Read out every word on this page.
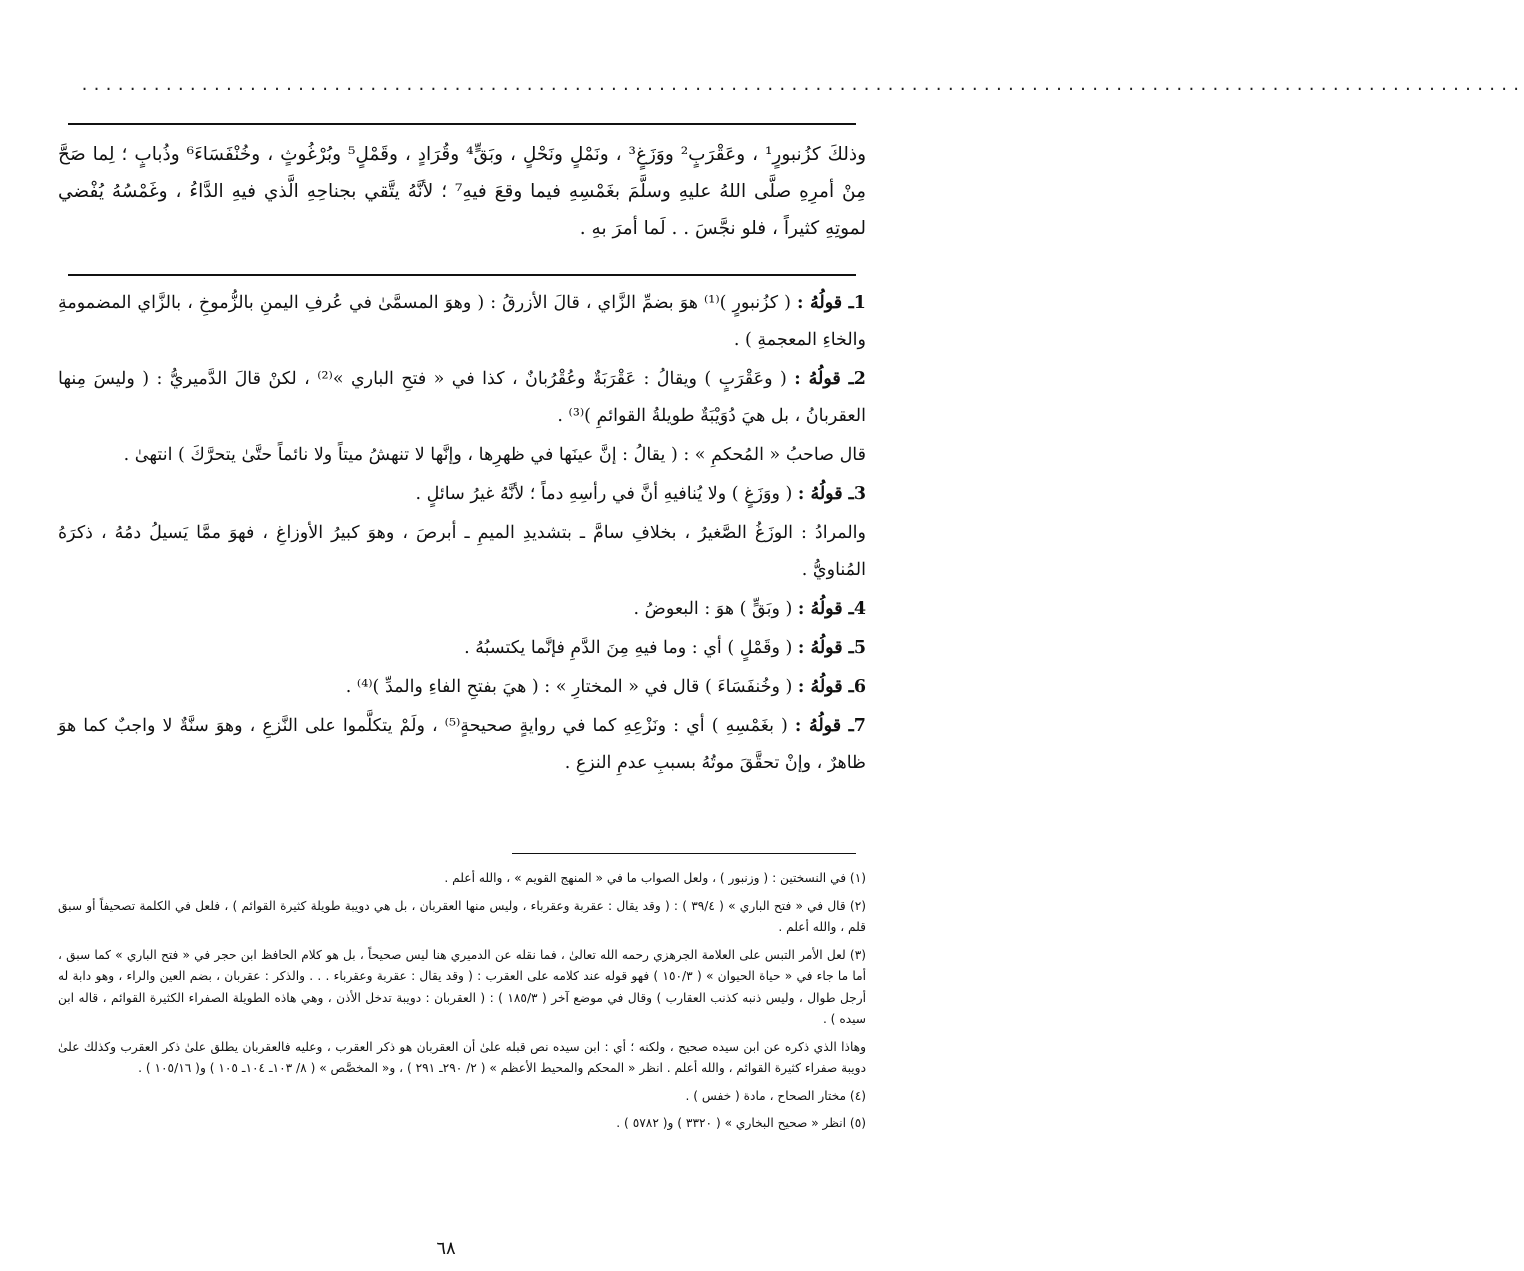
........................................................................................................................
وذلكَ كزُنبورٍ¹ ، وعَقْرَبٍ² ووَزَغٍ³ ، ونَمْلٍ ونَحْلٍ ، وبَقٍّ⁴ وقُرَادٍ ، وقَمْلٍ⁵ وبُرْغُوثٍ ، وخُنْفَسَاءَ⁶ وذُبابٍ ؛ لِما صَحَّ مِنْ أمرِهِ صلَّى اللهُ عليهِ وسلَّمَ بغَمْسِهِ فيما وقعَ فيهِ⁷ ؛ لأنَّهُ يتَّقي بجناحِهِ الَّذي فيهِ الدَّاءُ ، وغَمْسُهُ يُفْضي لموتِهِ كثيراً ، فلو نجَّسَ . . لَما أمرَ بهِ .

1ـ قولُهُ : ( كزُنبورٍ )⁽¹⁾ هوَ بضمِّ الزَّاي ، قالَ الأزرقُ : ( وهوَ المسمَّىٰ في عُرفِ اليمنِ بالزُّموخِ ، بالزَّاي المضمومةِ والخاءِ المعجمةِ ) .

2ـ قولُهُ : ( وعَقْرَبٍ ) ويقالُ : عَقْرَبَةٌ وعُقْرُبانٌ ، كذا في « فتحِ الباري »⁽²⁾ ، لكنْ قالَ الدَّميريُّ : ( وليسَ مِنها العقربانُ ، بل هيَ دُوَيْبَةٌ طويلةُ القوائمِ )⁽³⁾ .

قال صاحبُ « المُحكمِ » : ( يقالُ : إنَّ عينَها في ظهرِها ، وإنَّها لا تنهشُ ميتاً ولا نائماً حتَّىٰ يتحرَّكَ ) انتهىٰ .

3ـ قولُهُ : ( ووَزَغٍ ) ولا يُنافيهِ أنَّ في رأسِهِ دماً ؛ لأنَّهُ غيرُ سائلٍ .

والمرادُ : الوزَغُ الصَّغيرُ ، بخلافِ سامَّ ـ بتشديدِ الميمِ ـ أبرصَ ، وهوَ كبيرُ الأوزاغِ ، فهوَ ممَّا يَسيلُ دمُهُ ، ذكرَهُ المُناويُّ .

4ـ قولُهُ : ( وبَقٍّ ) هوَ : البعوضُ .

5ـ قولُهُ : ( وقَمْلٍ ) أي : وما فيهِ مِنَ الدَّمِ فإنَّما يكتسبُهُ .

6ـ قولُهُ : ( وخُنفَسَاءَ ) قال في « المختارِ » : ( هيَ بفتحِ الفاءِ والمدِّ )⁽⁴⁾ .

7ـ قولُهُ : ( بغَمْسِهِ ) أي : ونَزْعِهِ كما في روايةٍ صحيحةٍ⁽⁵⁾ ، ولَمْ يتكلَّموا على النَّزعِ ، وهوَ سنَّةٌ لا واجبٌ كما هوَ ظاهرٌ ، وإنْ تحقَّقَ موتُهُ بسببِ عدمِ النزعِ .

(١) في النسختين : ( وزنبور ) ، ولعل الصواب ما في « المنهج القويم » ، والله أعلم .

(٢) قال في « فتح الباري » ( ٣٩/٤ ) : ( وقد يقال : عقربة وعقرباء ، وليس منها العقربان ، بل هي دويبة طويلة كثيرة القوائم ) ، فلعل في الكلمة تصحيفاً أو سبق قلم ، والله أعلم .

(٣) لعل الأمر التبس على العلامة الجرهزي رحمه الله تعالىٰ ، فما نقله عن الدميري هنا ليس صحيحاً ، بل هو كلام الحافظ ابن حجر في « فتح الباري » كما سبق ، أما ما جاء في « حياة الحيوان » ( ١٥٠/٣ ) فهو قوله عند كلامه على العقرب : ( وقد يقال : عقربة وعقرباء . . . والذكر : عقربان ، بضم العين والراء ، وهو دابة له أرجل طوال ، وليس ذنبه كذنب العقارب ) وقال في موضع آخر ( ١٨٥/٣ ) : ( العقربان : دويبة تدخل الأذن ، وهي هاذه الطويلة الصفراء الكثيرة القوائم ، قاله ابن سيده ) .

وهاذا الذي ذكره عن ابن سيده صحيح ، ولكنه ؛ أي : ابن سيده نص قبله علىٰ أن العقربان هو ذكر العقرب ، وعليه فالعقربان يطلق علىٰ ذكر العقرب وكذلك علىٰ دويبة صفراء كثيرة القوائم ، والله أعلم . انظر « المحكم والمحيط الأعظم » ( ٢/ ٢٩٠ـ ٢٩١ ) ، و« المخصَّص » ( ٨/ ١٠٣ـ ١٠٤ـ ١٠٥ ) و( ١٠٥/١٦ ) .

(٤) مختار الصحاح ، مادة ( خفس ) .

(٥) انظر « صحيح البخاري » ( ٣٣٢٠ ) و( ٥٧٨٢ ) .

٦٨
